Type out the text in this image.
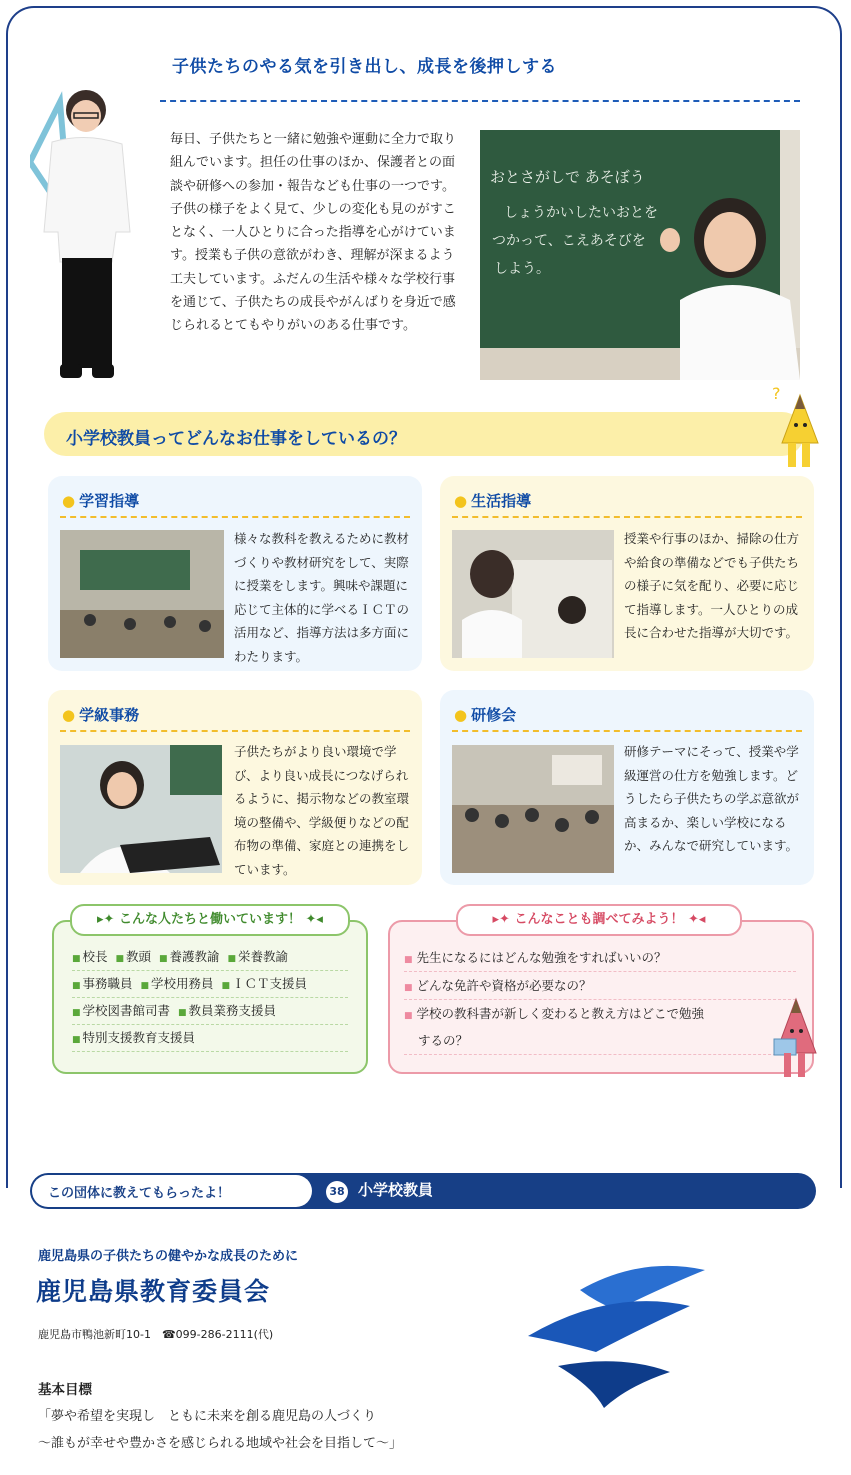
子供たちのやる気を引き出し、成長を後押しする
毎日、子供たちと一緒に勉強や運動に全力で取り組んでいます。担任の仕事のほか、保護者との面談や研修への参加・報告なども仕事の一つです。子供の様子をよく見て、少しの変化も見のがすことなく、一人ひとりに合った指導を心がけています。授業も子供の意欲がわき、理解が深まるよう工夫しています。ふだんの生活や様々な学校行事を通じて、子供たちの成長やがんばりを身近で感じられるとてもやりがいのある仕事です。
おとさがしで あそぼう
しょうかいしたいおとを
つかって、こえあそびを
しよう。
小学校教員ってどんなお仕事をしているの？
?
● 学習指導
様々な教科を教えるために教材づくりや教材研究をして、実際に授業をします。興味や課題に応じて主体的に学べるＩＣＴの活用など、指導方法は多方面にわたります。
● 生活指導
授業や行事のほか、掃除の仕方や給食の準備などでも子供たちの様子に気を配り、必要に応じて指導します。一人ひとりの成長に合わせた指導が大切です。
● 学級事務
子供たちがより良い環境で学び、より良い成長につなげられるように、掲示物などの教室環境の整備や、学級便りなどの配布物の準備、家庭との連携をしています。
● 研修会
研修テーマにそって、授業や学級運営の仕方を勉強します。どうしたら子供たちの学ぶ意欲が高まるか、楽しい学校になるか、みんなで研究しています。
▸✦ こんな人たちと働いています！ ✦◂
■ 校長 ■ 教頭 ■ 養護教諭 ■ 栄養教諭
■ 事務職員 ■ 学校用務員 ■ ＩＣＴ支援員
■ 学校図書館司書 ■ 教員業務支援員
■ 特別支援教育支援員
▸✦ こんなことも調べてみよう！ ✦◂
■ 先生になるにはどんな勉強をすればいいの？
■ どんな免許や資格が必要なの？
■ 学校の教科書が新しく変わると教え方はどこで勉強
するの？
この団体に教えてもらったよ！	38 小学校教員
鹿児島県の子供たちの健やかな成長のために
鹿児島県教育委員会
鹿児島市鴨池新町10-1　☎099-286-2111(代)
基本目標
「夢や希望を実現し　ともに未来を創る鹿児島の人づくり
〜誰もが幸せや豊かさを感じられる地域や社会を目指して〜」
